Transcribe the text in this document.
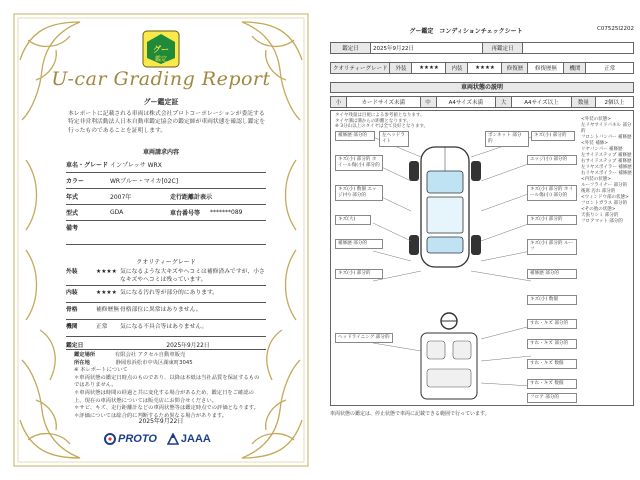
グー
鑑定
U-car Grading Report
グー鑑定証
本レポートに記載される車両は株式会社プロトコーポレーションが委託する特定非営利活動法人日本自動車鑑定協会の鑑定師が車両状態を確認し鑑定を行ったものであることを証明します。
車両請求内容
車名・グレード インプレッサ WRX
カラー	WRブルー・マイカ[02C]
年式	2007年	走行距離計表示
型式	GDA	車台番号等	*******089
備考
クオリティーグレード
外装	★★★★ 気になるような大キズやヘコミは補修済みですが、小さなキズやヘコミは残っています。
内装	★★★★ 気になる汚れ等が部分的にあります。
骨格	補修歴無 骨格部位に異常はありません。
機関	正常	気になる不具合等はありません。
鑑定日	2025年9月22日
鑑定場所	有限会社 アクセル自動車販売
所在地	静岡県浜松市中央区湖東町3045
※ 本レポートについて
＊車両状態の鑑定日時点のものであり、以降は本紙は当社品質を保証するものではありません。
＊車両状態は時間の経過と共に変化する場合があるため、鑑定日をご確認の上、現在の車両状態については販売店にお問合せください。
＊サビ、キズ、走行距離計などの車両状態等は鑑定時点での評価となります。
＊評価については総合的に判断するため異なる場合があります。
2025年9月22日
PROTO JAAA
グー鑑定　コンディションチェックシート	C07525I2202
鑑定日	2025年9月22日	再鑑定日	
クオリティーグレード	外装	★★★★	内装	★★★★	修復歴	修復歴無	機関	正常
車両状態の説明
小	カードサイズ未満	中	A4サイズ未満	大	A4サイズ以上	数量	2個以上
タイヤ残量は目視による参考値となります。
タイヤ溝は溝からの距離となります。
※ 3分山以上のタイヤは全て良好となります。
補修歴 部分的	左ヘッドライト
キズ(小) 部分的 ホイール傷(小) 部分的
キズ(小) 数個 エッジ(中) 部分的
キズ(大)
補修歴 部分的
キズ(小) 部分的
ヘッドライニング 部分的
ボンネット 部分的
キズ(小) 部分的
エッジ(小) 部分的
キズ(小) 部分的 ホイール傷(小) 部分的
キズ(小) 部分的
キズ(小) 部分的 ルーフ
補修歴 部分的
キズ(小) 数個
すれ・キズ 部分的
すれ・キズ 部分的
すれ・キズ 数個
すれ・キズ 数個
フロア 部分的
<外装の状態>
左リヤサイドパネル 部分的
フロントバンパー 補修歴
<外装 補修>
リヤバンパー 補修歴
左サイドステップ 補修歴
右サイドステップ 補修歴
左リヤスポイラー 補修歴
右リヤスポイラー 補修歴
<内装の状態>
ルーフライナー 部分的
後席 汚れ 部分的
<ウィンドウ部の状態>
フロントガラス 部分的
<その他の状態>
天張りシミ 部分的
フロアマット 部分的
車両状態の鑑定は、停止状態で車両に記載できる範囲で行っています。
